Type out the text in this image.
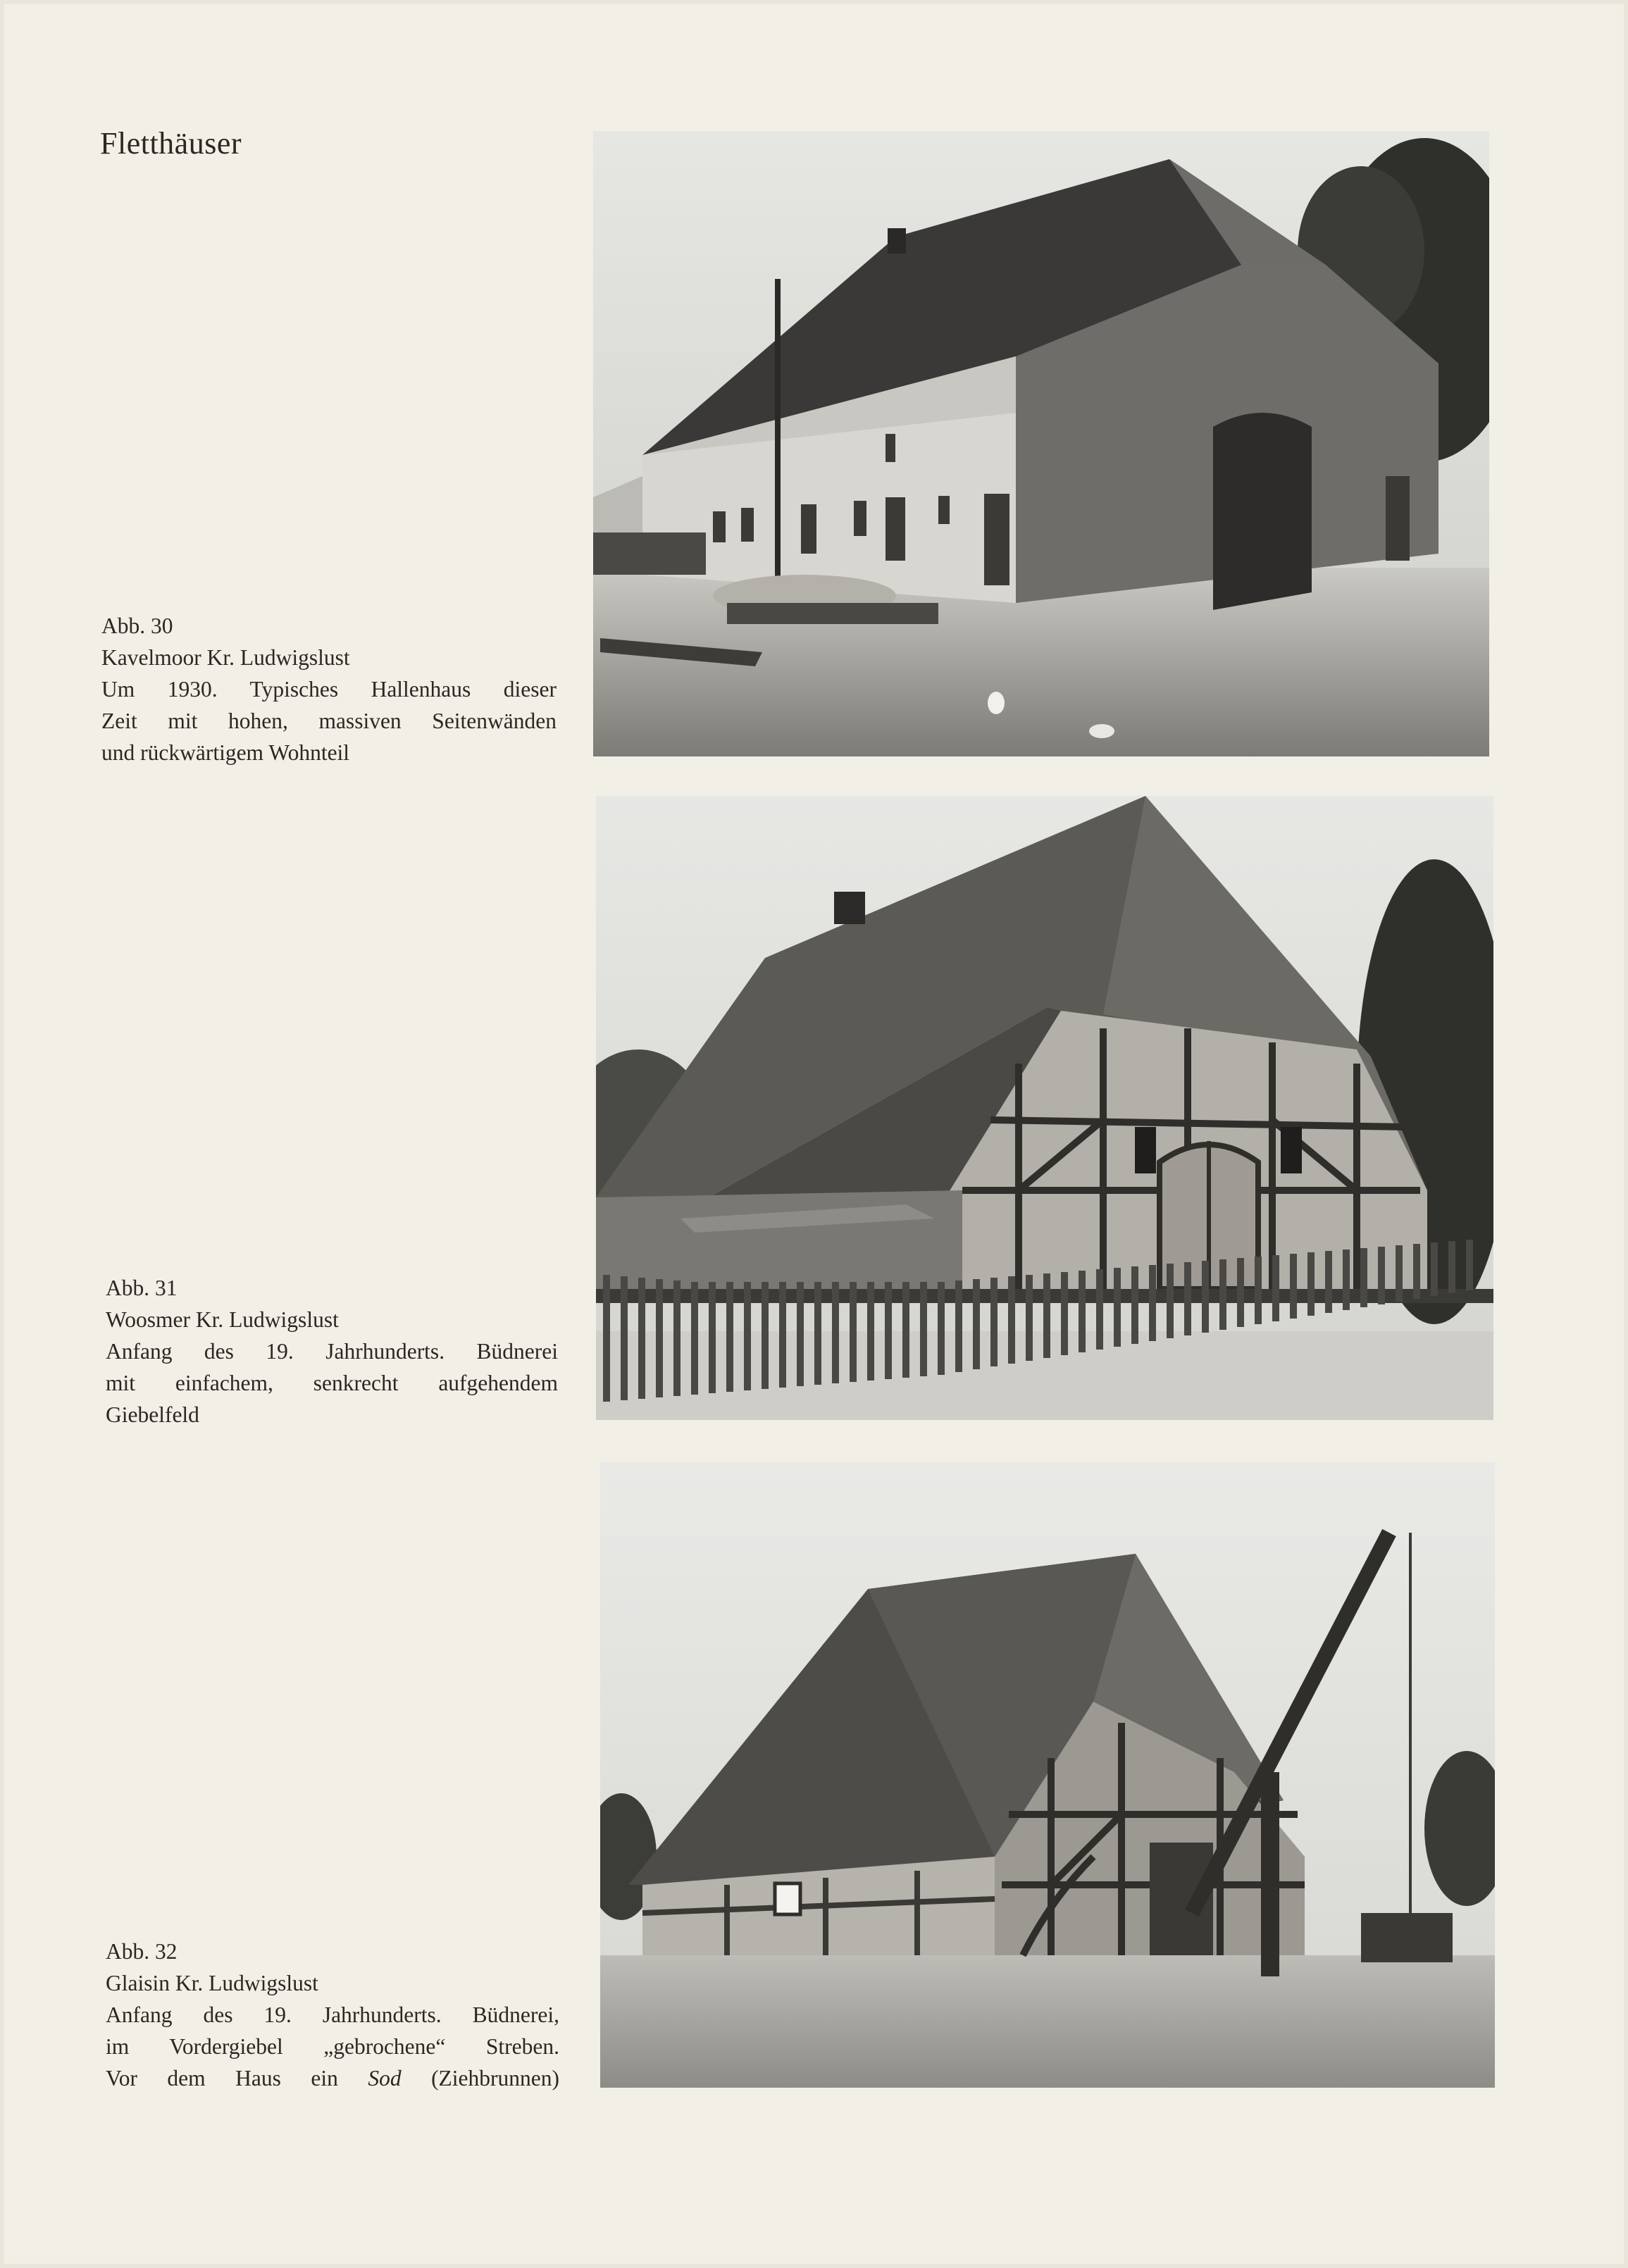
Fletthäuser
Abb. 30
Kavelmoor Kr. Ludwigslust
Um 1930. Typisches Hallenhaus dieser
Zeit mit hohen, massiven Seitenwänden
und rückwärtigem Wohnteil
Abb. 31
Woosmer Kr. Ludwigslust
Anfang des 19. Jahrhunderts. Büdnerei
mit einfachem, senkrecht aufgehendem
Giebelfeld
Abb. 32
Glaisin Kr. Ludwigslust
Anfang des 19. Jahrhunderts. Büdnerei,
im Vordergiebel „gebrochene“ Streben.
Vor dem Haus ein Sod (Ziehbrunnen)
